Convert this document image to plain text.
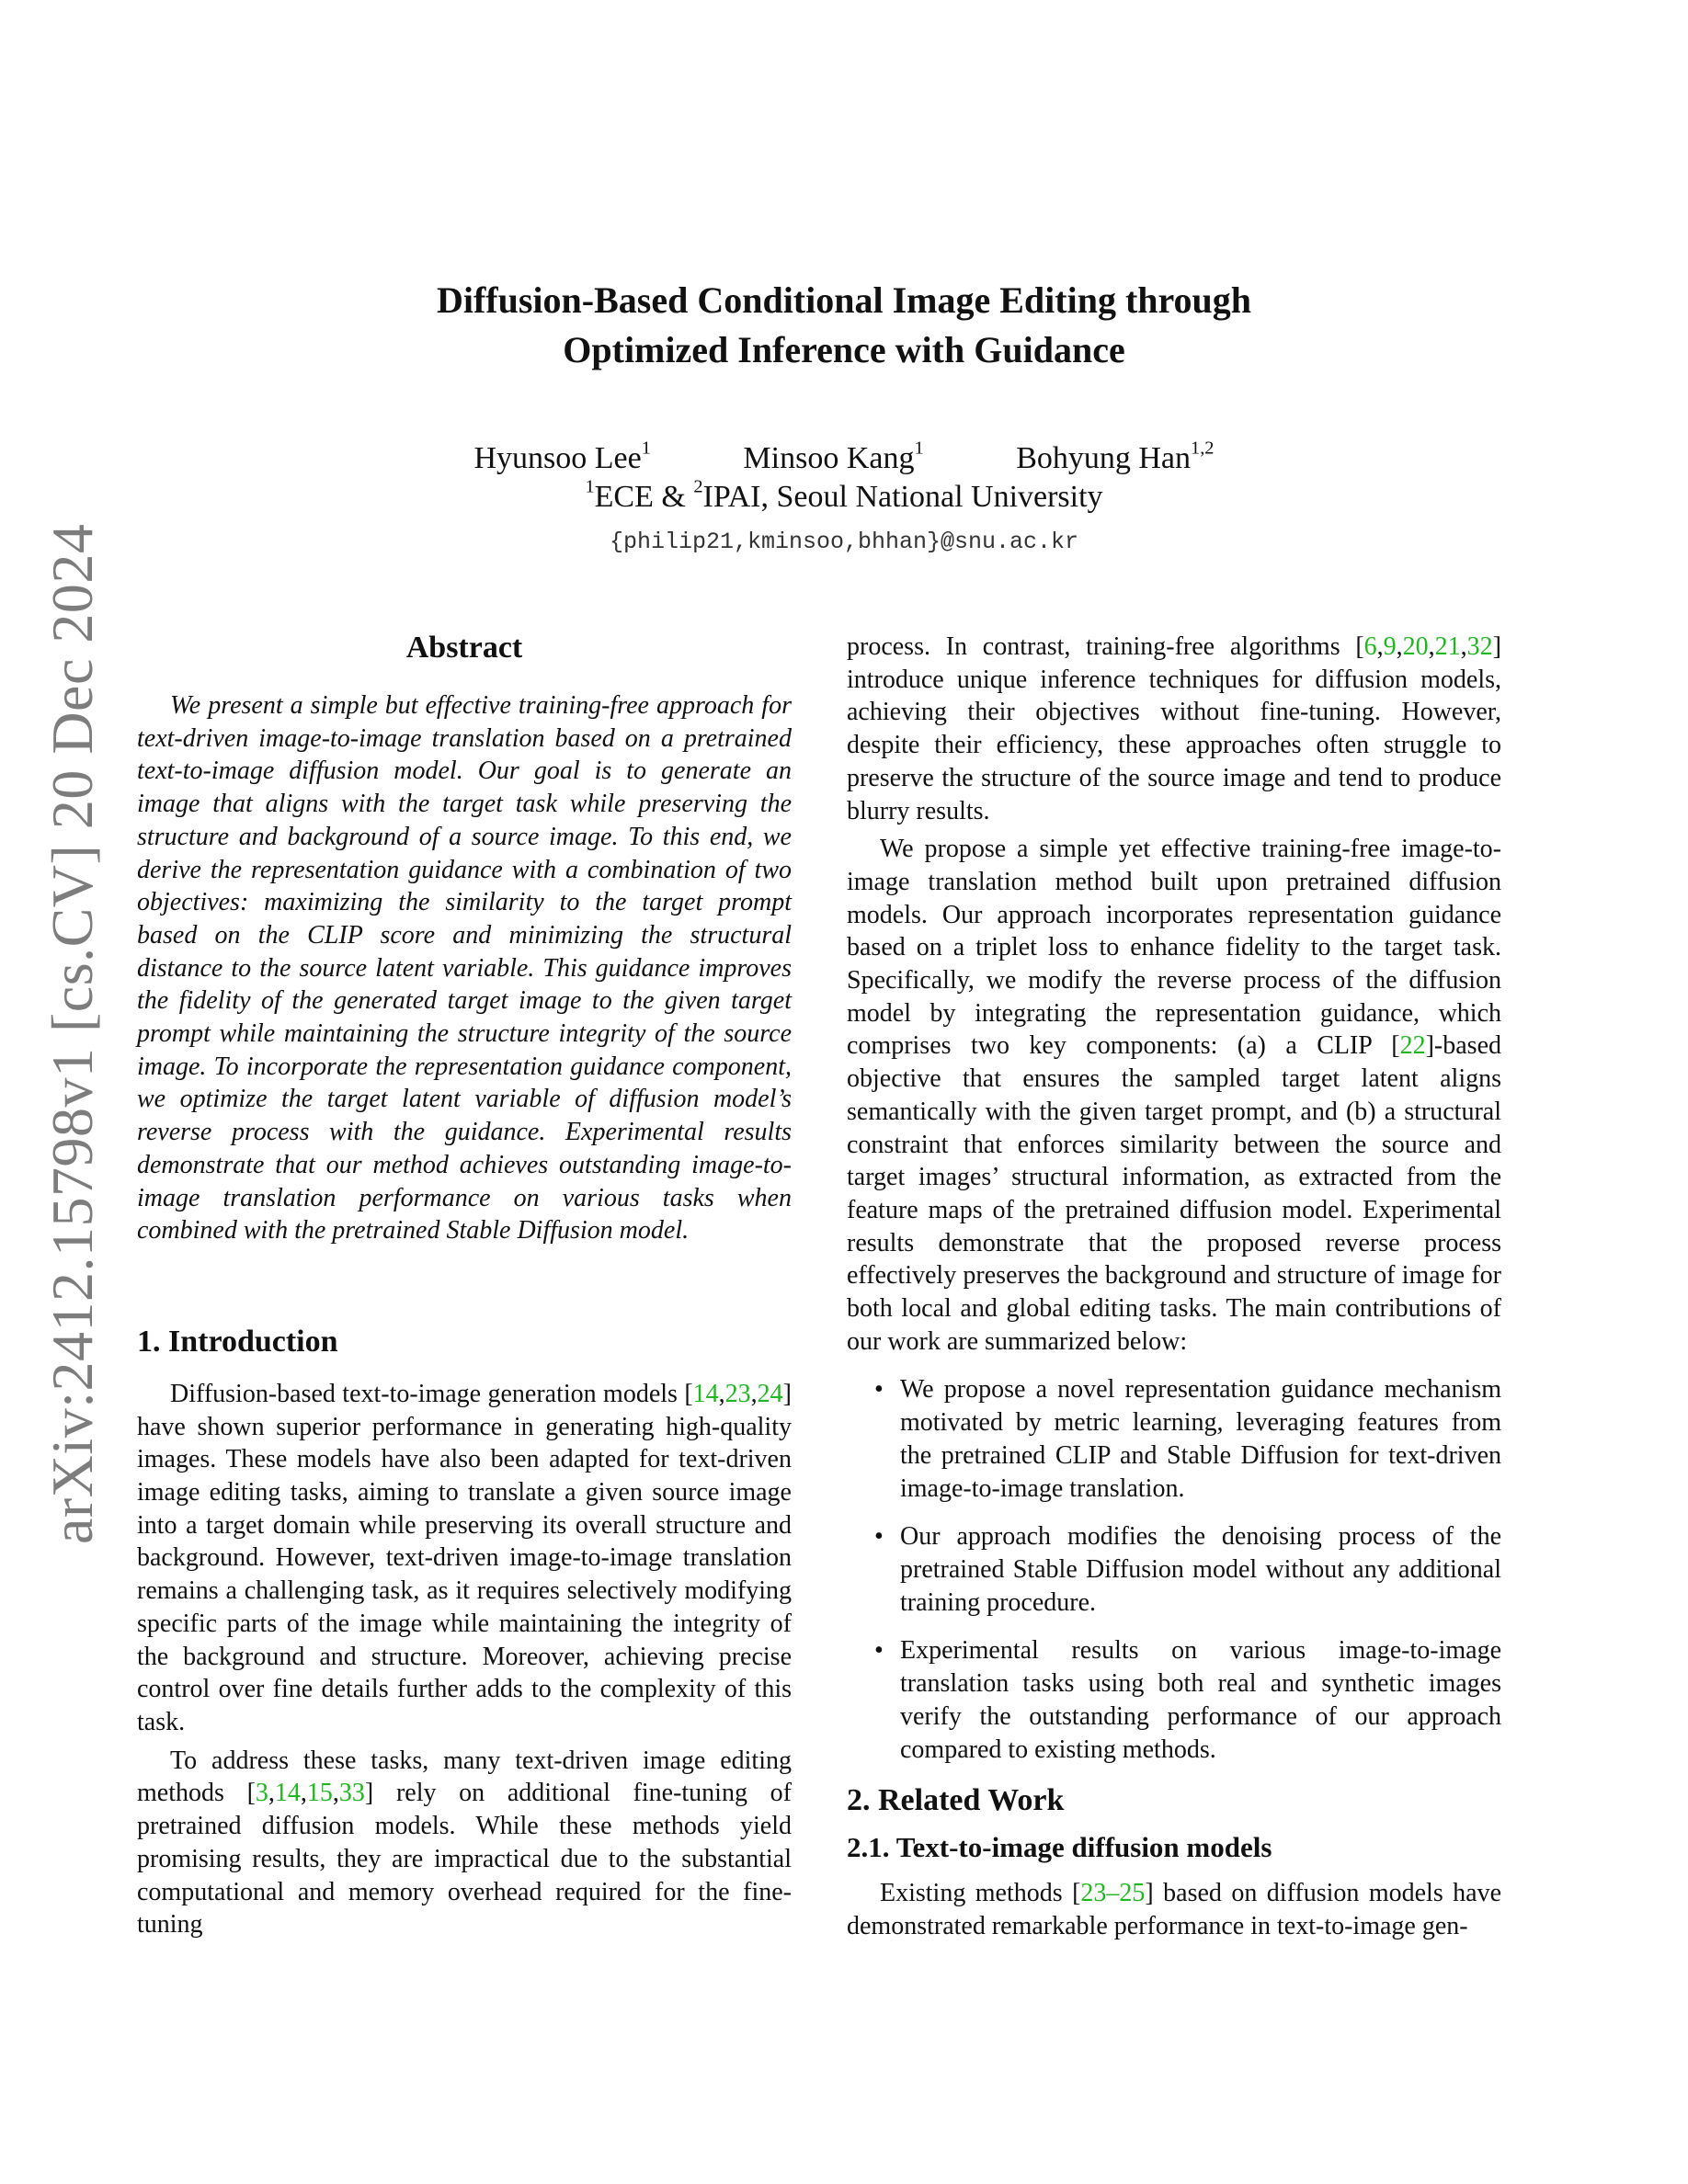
arXiv:2412.15798v1 [cs.CV] 20 Dec 2024
Diffusion-Based Conditional Image Editing through
Optimized Inference with Guidance
Hyunsoo Lee$^1$	Minsoo Kang$^1$	Bohyung Han$^{1,2}$
$^1$ECE & $^2$IPAI, Seoul National University
{philip21,kminsoo,bhhan}@snu.ac.kr
Abstract

We present a simple but effective training-free approach for text-driven image-to-image translation based on a pretrained text-to-image diffusion model. Our goal is to generate an image that aligns with the target task while preserving the structure and background of a source image. To this end, we derive the representation guidance with a combination of two objectives: maximizing the similarity to the target prompt based on the CLIP score and minimizing the structural distance to the source latent variable. This guidance improves the fidelity of the generated target image to the given target prompt while maintaining the structure integrity of the source image. To incorporate the representation guidance component, we optimize the target latent variable of diffusion model’s reverse process with the guidance. Experimental results demonstrate that our method achieves outstanding image-to-image translation performance on various tasks when combined with the pretrained Stable Diffusion model.

1. Introduction

Diffusion-based text-to-image generation models [14,23,24] have shown superior performance in generating high-quality images. These models have also been adapted for text-driven image editing tasks, aiming to translate a given source image into a target domain while preserving its overall structure and background. However, text-driven image-to-image translation remains a challenging task, as it requires selectively modifying specific parts of the image while maintaining the integrity of the background and structure. Moreover, achieving precise control over fine details further adds to the complexity of this task.

To address these tasks, many text-driven image editing methods [3,14,15,33] rely on additional fine-tuning of pretrained diffusion models. While these methods yield promising results, they are impractical due to the substantial computational and memory overhead required for the fine-tuning

process. In contrast, training-free algorithms [6,9,20,21,32] introduce unique inference techniques for diffusion models, achieving their objectives without fine-tuning. However, despite their efficiency, these approaches often struggle to preserve the structure of the source image and tend to produce blurry results.

We propose a simple yet effective training-free image-to-image translation method built upon pretrained diffusion models. Our approach incorporates representation guidance based on a triplet loss to enhance fidelity to the target task. Specifically, we modify the reverse process of the diffusion model by integrating the representation guidance, which comprises two key components: (a) a CLIP [22]-based objective that ensures the sampled target latent aligns semantically with the given target prompt, and (b) a structural constraint that enforces similarity between the source and target images’ structural information, as extracted from the feature maps of the pretrained diffusion model. Experimental results demonstrate that the proposed reverse process effectively preserves the background and structure of image for both local and global editing tasks. The main contributions of our work are summarized below:

• We propose a novel representation guidance mechanism motivated by metric learning, leveraging features from the pretrained CLIP and Stable Diffusion for text-driven image-to-image translation.
• Our approach modifies the denoising process of the pretrained Stable Diffusion model without any additional training procedure.
• Experimental results on various image-to-image translation tasks using both real and synthetic images verify the outstanding performance of our approach compared to existing methods.
2. Related Work
2.1. Text-to-image diffusion models

Existing methods [23–25] based on diffusion models have demonstrated remarkable performance in text-to-image gen-
